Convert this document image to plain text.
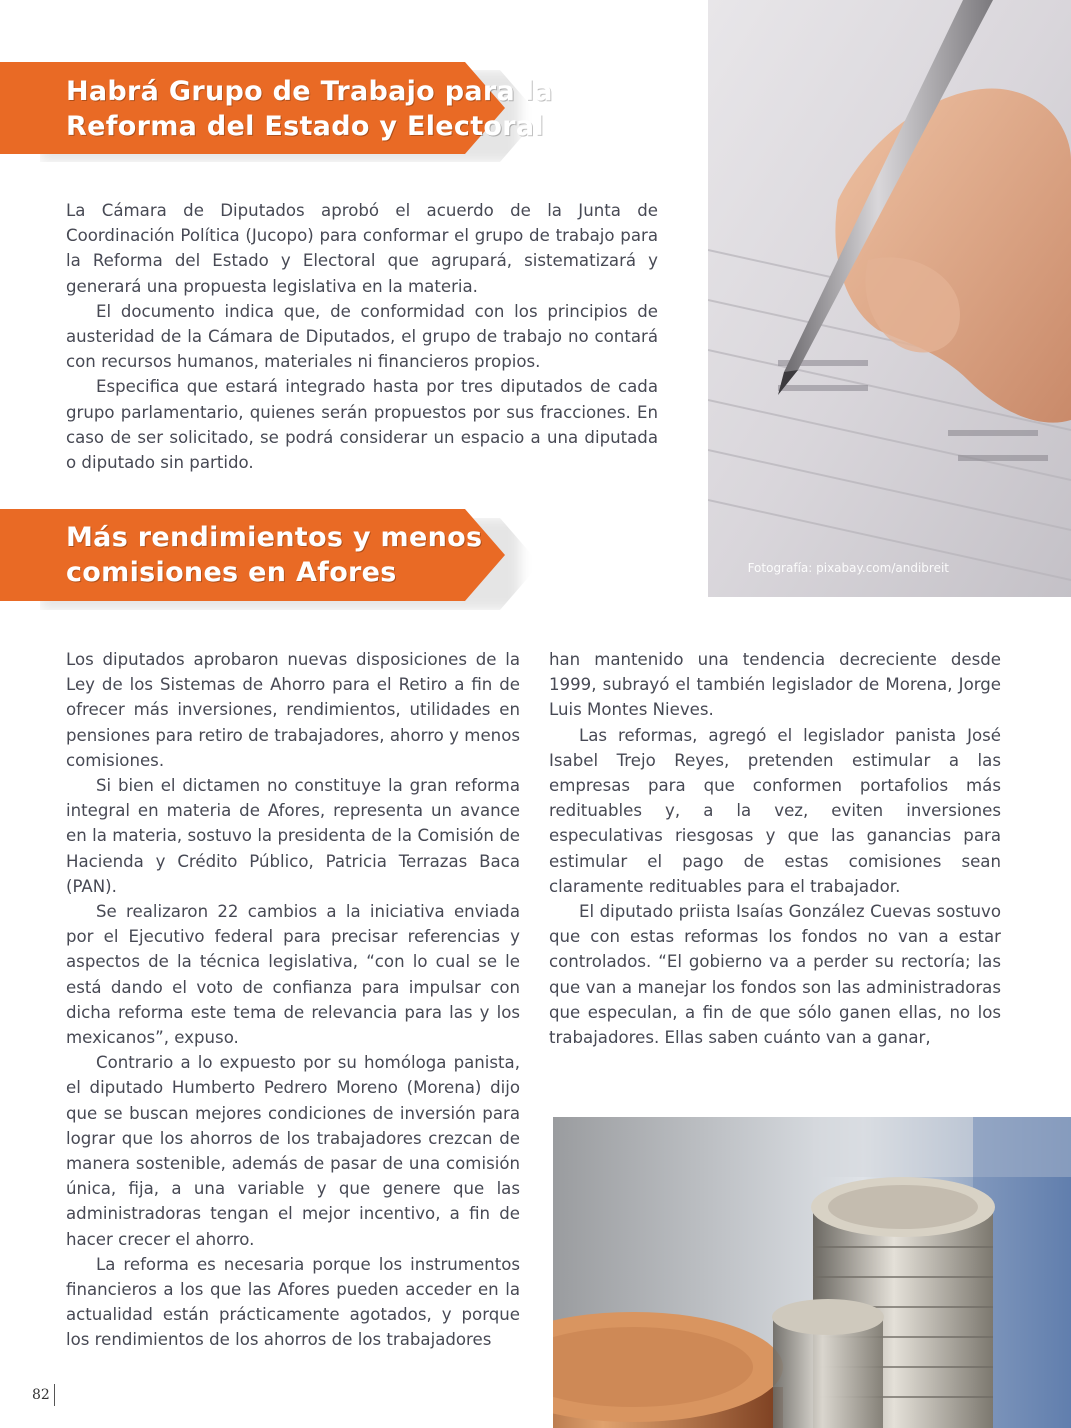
Fotografía: pixabay.com/andibreit
Habrá Grupo de Trabajo para la
Reforma del Estado y Electoral

La Cámara de Diputados aprobó el acuerdo de la Junta de Coordinación Política (Jucopo) para conformar el grupo de trabajo para la Reforma del Estado y Electoral que agrupará, sistematizará y generará una propuesta legislativa en la materia.

El documento indica que, de conformidad con los principios de austeridad de la Cámara de Diputados, el grupo de trabajo no contará con recursos humanos, materiales ni financieros propios.

Especifica que estará integrado hasta por tres diputados de cada grupo parlamentario, quienes serán propuestos por sus fracciones. En caso de ser solicitado, se podrá considerar un espacio a una diputada o diputado sin partido.

Más rendimientos y menos
comisiones en Afores

Los diputados aprobaron nuevas disposiciones de la Ley de los Sistemas de Ahorro para el Retiro a fin de ofrecer más inversiones, rendimientos, utilidades en pensiones para retiro de trabajadores, ahorro y menos comisiones.

Si bien el dictamen no constituye la gran reforma integral en materia de Afores, representa un avance en la materia, sostuvo la presidenta de la Comisión de Hacienda y Crédito Público, Patricia Terrazas Baca (PAN).

Se realizaron 22 cambios a la iniciativa enviada por el Ejecutivo federal para precisar referencias y aspectos de la técnica legislativa, “con lo cual se le está dando el voto de confianza para impulsar con dicha reforma este tema de relevancia para las y los mexicanos”, expuso.

Contrario a lo expuesto por su homóloga panista, el diputado Humberto Pedrero Moreno (Morena) dijo que se buscan mejores condiciones de inversión para lograr que los ahorros de los trabajadores crezcan de manera sostenible, además de pasar de una comisión única, fija, a una variable y que genere que las administradoras tengan el mejor incentivo, a fin de hacer crecer el ahorro.

La reforma es necesaria porque los instrumentos financieros a los que las Afores pueden acceder en la actualidad están prácticamente agotados, y porque los rendimientos de los ahorros de los trabajadores

han mantenido una tendencia decreciente desde 1999, subrayó el también legislador de Morena, Jorge Luis Montes Nieves.

Las reformas, agregó el legislador panista José Isabel Trejo Reyes, pretenden estimular a las empresas para que conformen portafolios más redituables y, a la vez, eviten inversiones especulativas riesgosas y que las ganancias para estimular el pago de estas comisiones sean claramente redituables para el trabajador.

El diputado priista Isaías González Cuevas sostuvo que con estas reformas los fondos no van a estar controlados. “El gobierno va a perder su rectoría; las que van a manejar los fondos son las administradoras que especulan, a fin de que sólo ganen ellas, no los trabajadores. Ellas saben cuánto van a ganar,

82
